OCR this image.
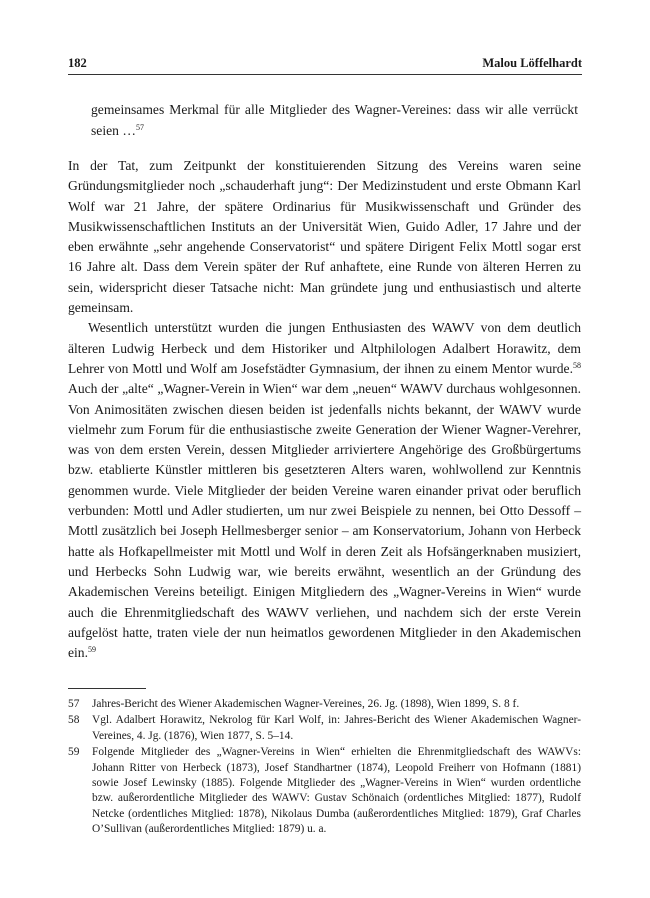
182	Malou Löffelhardt
gemeinsames Merkmal für alle Mitglieder des Wagner-Vereines: dass wir alle verrückt seien …$^{57}$

In der Tat, zum Zeitpunkt der konstituierenden Sitzung des Vereins waren seine Gründungsmitglieder noch „schauderhaft jung“: Der Medizinstudent und erste Obmann Karl Wolf war 21 Jahre, der spätere Ordinarius für Musikwissenschaft und Gründer des Musikwissenschaftlichen Instituts an der Universität Wien, Guido Adler, 17 Jahre und der eben erwähnte „sehr angehende Conservatorist“ und spätere Dirigent Felix Mottl sogar erst 16 Jahre alt. Dass dem Verein später der Ruf anhaftete, eine Runde von älteren Herren zu sein, widerspricht dieser Tatsache nicht: Man gründete jung und enthusiastisch und alterte gemeinsam.

Wesentlich unterstützt wurden die jungen Enthusiasten des WAWV von dem deutlich älteren Ludwig Herbeck und dem Historiker und Altphilologen Adalbert Horawitz, dem Lehrer von Mottl und Wolf am Josefstädter Gymnasium, der ihnen zu einem Mentor wurde.$^{58}$ Auch der „alte“ „Wagner-Verein in Wien“ war dem „neuen“ WAWV durchaus wohlgesonnen. Von Animositäten zwischen diesen beiden ist jedenfalls nichts bekannt, der WAWV wurde vielmehr zum Forum für die enthusiastische zweite Generation der Wiener Wagner-Verehrer, was von dem ersten Verein, dessen Mitglieder arriviertere Angehörige des Großbürgertums bzw. etablierte Künstler mittleren bis gesetzteren Alters waren, wohlwollend zur Kenntnis genommen wurde. Viele Mitglieder der beiden Vereine waren einander privat oder beruflich verbunden: Mottl und Adler studierten, um nur zwei Beispiele zu nennen, bei Otto Dessoff – Mottl zusätzlich bei Joseph Hellmesberger senior – am Konservatorium, Johann von Herbeck hatte als Hofkapellmeister mit Mottl und Wolf in deren Zeit als Hofsängerknaben musiziert, und Herbecks Sohn Ludwig war, wie bereits erwähnt, wesentlich an der Gründung des Akademischen Vereins beteiligt. Einigen Mitgliedern des „Wagner-Vereins in Wien“ wurde auch die Ehrenmitgliedschaft des WAWV verliehen, und nachdem sich der erste Verein aufgelöst hatte, traten viele der nun heimatlos gewordenen Mitglieder in den Akademischen ein.$^{59}$

57 Jahres-Bericht des Wiener Akademischen Wagner-Vereines, 26. Jg. (1898), Wien 1899, S. 8 f.
58 Vgl. Adalbert Horawitz, Nekrolog für Karl Wolf, in: Jahres-Bericht des Wiener Akademischen Wagner-Vereines, 4. Jg. (1876), Wien 1877, S. 5–14.
59 Folgende Mitglieder des „Wagner-Vereins in Wien“ erhielten die Ehrenmitgliedschaft des WAWVs: Johann Ritter von Herbeck (1873), Josef Standhartner (1874), Leopold Freiherr von Hofmann (1881) sowie Josef Lewinsky (1885). Folgende Mitglieder des „Wagner-Vereins in Wien“ wurden ordentliche bzw. außerordentliche Mitglieder des WAWV: Gustav Schönaich (ordentliches Mitglied: 1877), Rudolf Netcke (ordentliches Mitglied: 1878), Nikolaus Dumba (außerordentliches Mitglied: 1879), Graf Charles O’Sullivan (außerordentliches Mitglied: 1879) u. a.
